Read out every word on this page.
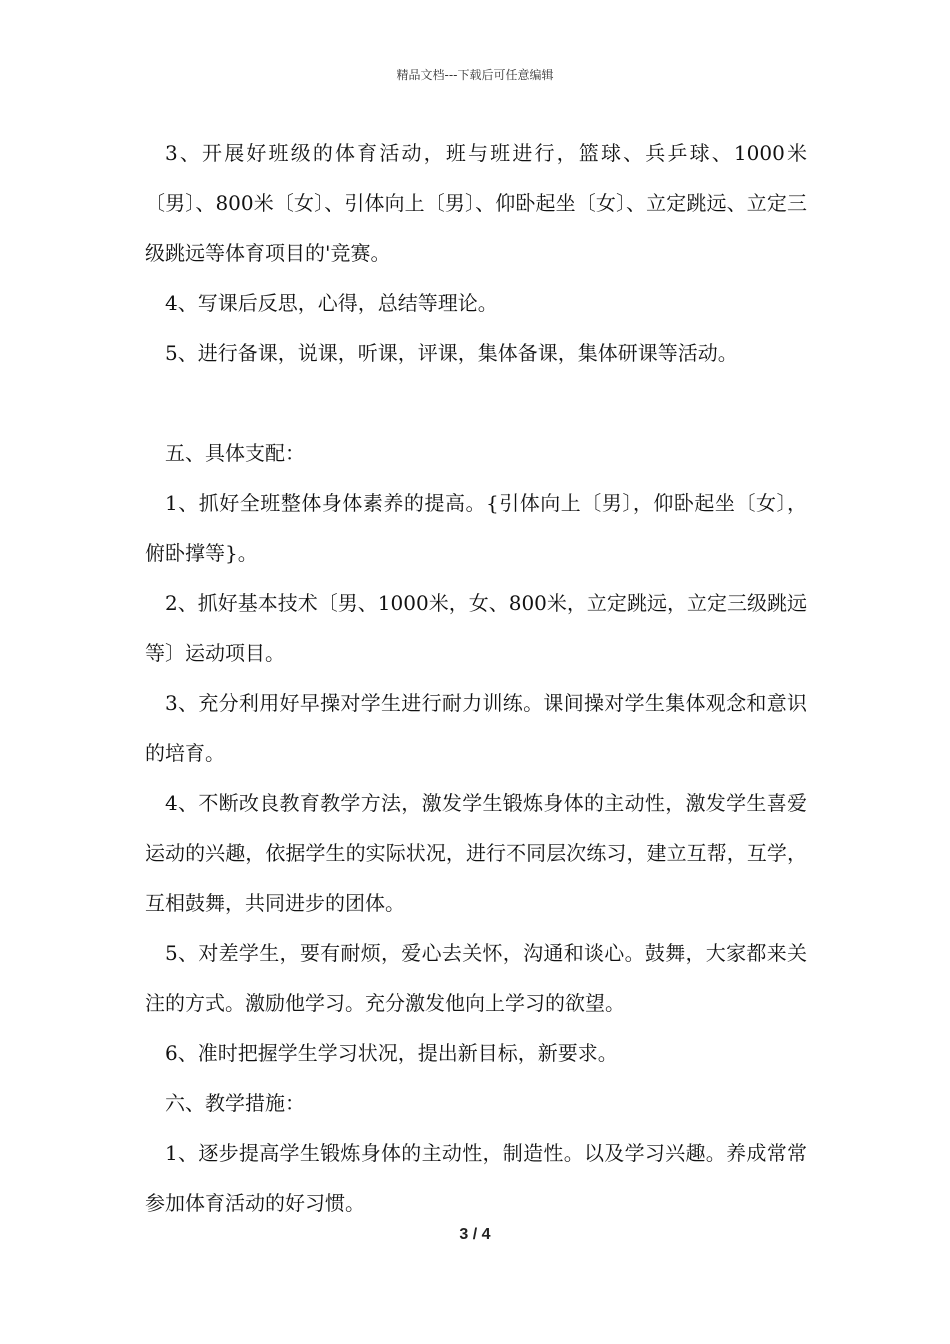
精品文档---下载后可任意编辑

3、开展好班级的体育活动，班与班进行，篮球、兵乒球、1000米〔男〕、800米〔女〕、引体向上〔男〕、仰卧起坐〔女〕、立定跳远、立定三级跳远等体育项目的'竞赛。

4、写课后反思，心得，总结等理论。

5、进行备课，说课，听课，评课，集体备课，集体研课等活动。

五、具体支配：

1、抓好全班整体身体素养的提高。{引体向上〔男〕，仰卧起坐〔女〕，俯卧撑等}。

2、抓好基本技术〔男、1000米，女、800米，立定跳远，立定三级跳远等〕运动项目。

3、充分利用好早操对学生进行耐力训练。课间操对学生集体观念和意识的培育。

4、不断改良教育教学方法，激发学生锻炼身体的主动性，激发学生喜爱运动的兴趣，依据学生的实际状况，进行不同层次练习，建立互帮，互学，互相鼓舞，共同进步的团体。

5、对差学生，要有耐烦，爱心去关怀，沟通和谈心。鼓舞，大家都来关注的方式。激励他学习。充分激发他向上学习的欲望。

6、准时把握学生学习状况，提出新目标，新要求。

六、教学措施：

1、逐步提高学生锻炼身体的主动性，制造性。以及学习兴趣。养成常常参加体育活动的好习惯。

3 / 4
